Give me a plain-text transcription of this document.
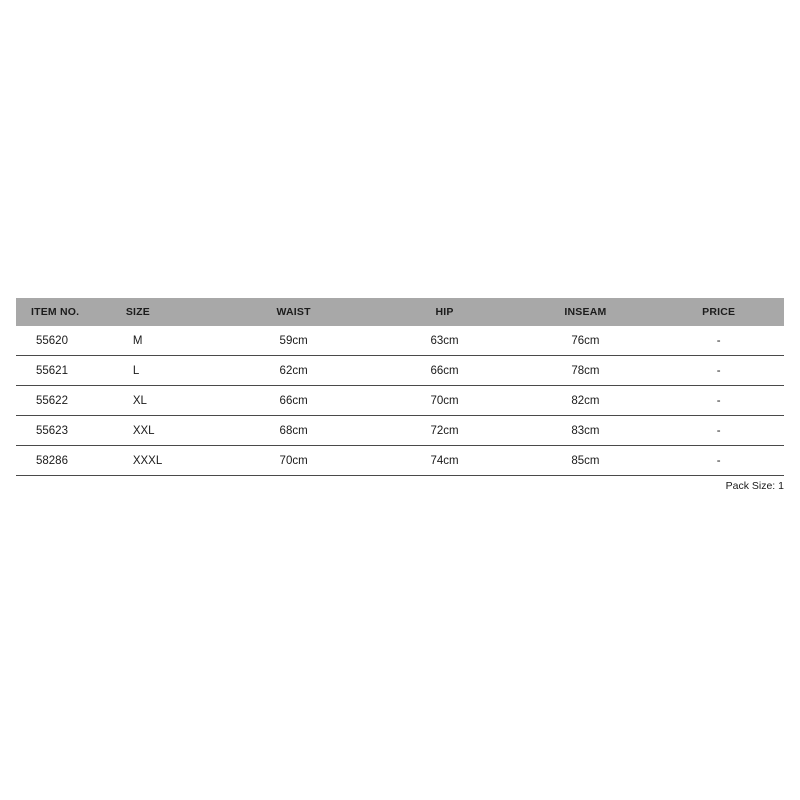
ITEM NO.	SIZE	WAIST	HIP	INSEAM	PRICE
55620	M	59cm	63cm	76cm	-
55621	L	62cm	66cm	78cm	-
55622	XL	66cm	70cm	82cm	-
55623	XXL	68cm	72cm	83cm	-
58286	XXXL	70cm	74cm	85cm	-
Pack Size: 1
